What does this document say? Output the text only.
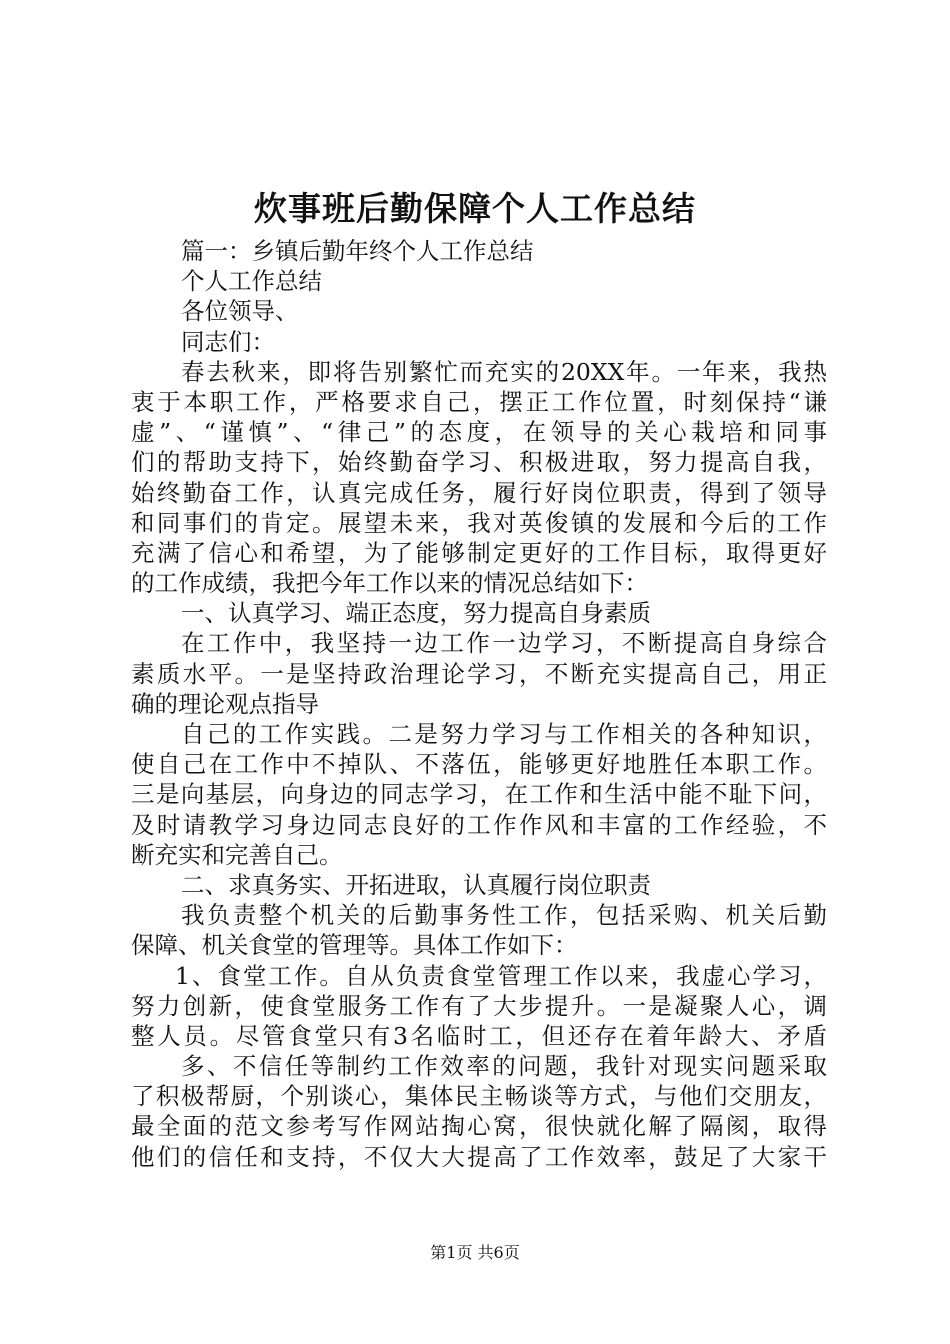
炊事班后勤保障个人工作总结
篇一：乡镇后勤年终个人工作总结
个人工作总结
各位领导、
同志们：
春去秋来，即将告别繁忙而充实的20XX年。一年来，我热
衷于本职工作，严格要求自己，摆正工作位置，时刻保持“谦
虚”、“谨慎”、“律己”的态度，在领导的关心栽培和同事
们的帮助支持下，始终勤奋学习、积极进取，努力提高自我，
始终勤奋工作，认真完成任务，履行好岗位职责，得到了领导
和同事们的肯定。展望未来，我对英俊镇的发展和今后的工作
充满了信心和希望，为了能够制定更好的工作目标，取得更好
的工作成绩，我把今年工作以来的情况总结如下：
一、认真学习、端正态度，努力提高自身素质
在工作中，我坚持一边工作一边学习，不断提高自身综合
素质水平。一是坚持政治理论学习，不断充实提高自己，用正
确的理论观点指导
自己的工作实践。二是努力学习与工作相关的各种知识，
使自己在工作中不掉队、不落伍，能够更好地胜任本职工作。
三是向基层，向身边的同志学习，在工作和生活中能不耻下问，
及时请教学习身边同志良好的工作作风和丰富的工作经验，不
断充实和完善自己。
二、求真务实、开拓进取，认真履行岗位职责
我负责整个机关的后勤事务性工作，包括采购、机关后勤
保障、机关食堂的管理等。具体工作如下：
1、食堂工作。自从负责食堂管理工作以来，我虚心学习，
努力创新，使食堂服务工作有了大步提升。一是凝聚人心，调
整人员。尽管食堂只有3名临时工，但还存在着年龄大、矛盾
多、不信任等制约工作效率的问题，我针对现实问题采取
了积极帮厨，个别谈心，集体民主畅谈等方式，与他们交朋友，
最全面的范文参考写作网站掏心窝，很快就化解了隔阂，取得
他们的信任和支持，不仅大大提高了工作效率，鼓足了大家干
第1页 共6页
